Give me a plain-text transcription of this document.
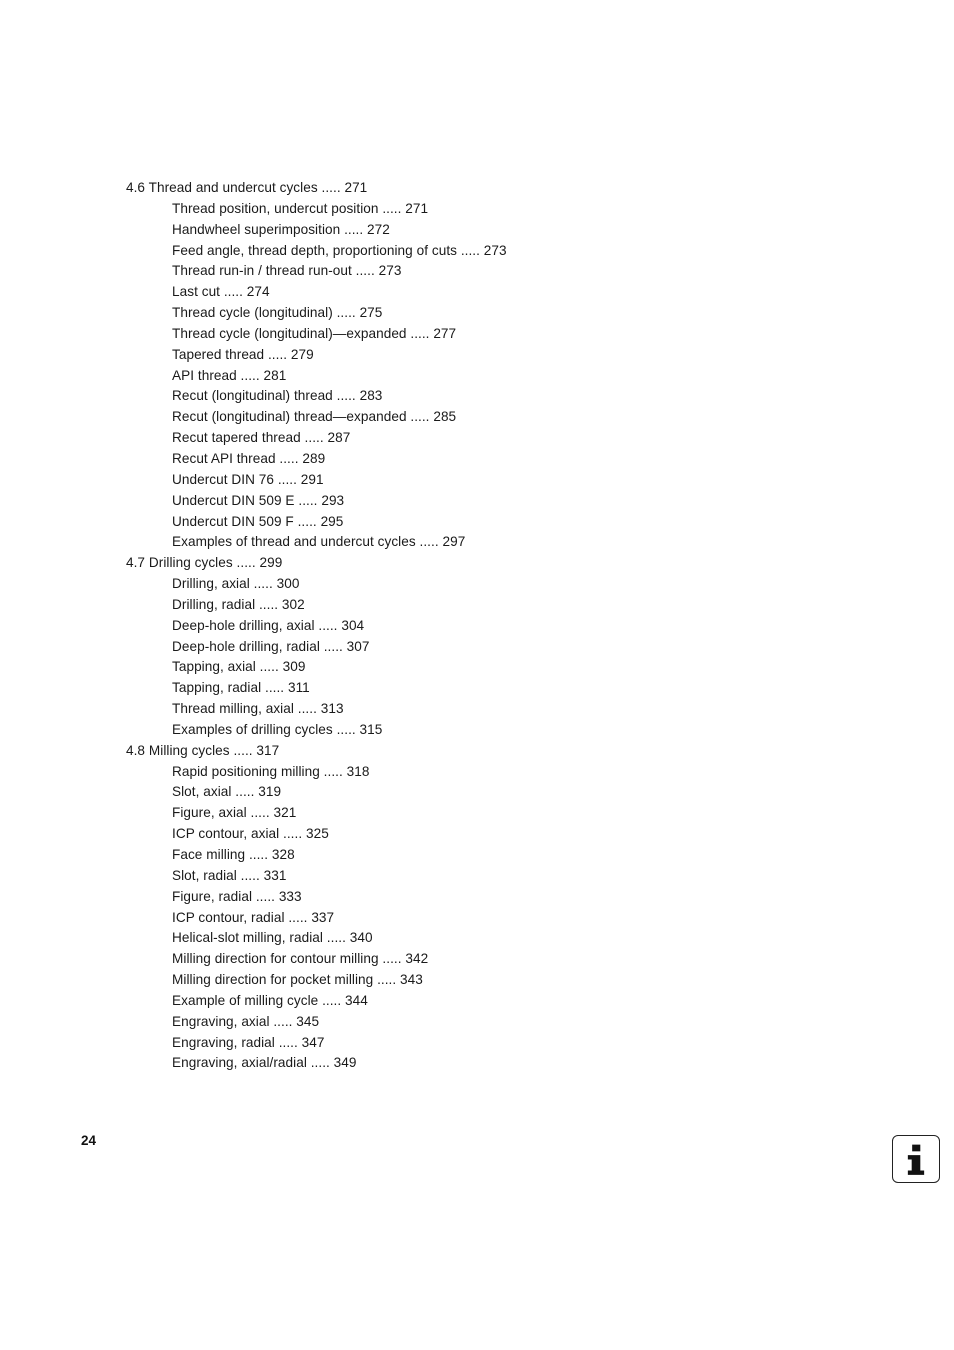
4.6 Thread and undercut cycles ..... 271
Thread position, undercut position ..... 271
Handwheel superimposition ..... 272
Feed angle, thread depth, proportioning of cuts ..... 273
Thread run-in / thread run-out ..... 273
Last cut ..... 274
Thread cycle (longitudinal) ..... 275
Thread cycle (longitudinal)—expanded ..... 277
Tapered thread ..... 279
API thread ..... 281
Recut (longitudinal) thread ..... 283
Recut (longitudinal) thread—expanded ..... 285
Recut tapered thread ..... 287
Recut API thread ..... 289
Undercut DIN 76 ..... 291
Undercut DIN 509 E ..... 293
Undercut DIN 509 F ..... 295
Examples of thread and undercut cycles ..... 297
4.7 Drilling cycles ..... 299
Drilling, axial ..... 300
Drilling, radial ..... 302
Deep-hole drilling, axial ..... 304
Deep-hole drilling, radial ..... 307
Tapping, axial ..... 309
Tapping, radial ..... 311
Thread milling, axial ..... 313
Examples of drilling cycles ..... 315
4.8 Milling cycles ..... 317
Rapid positioning milling ..... 318
Slot, axial ..... 319
Figure, axial ..... 321
ICP contour, axial ..... 325
Face milling ..... 328
Slot, radial ..... 331
Figure, radial ..... 333
ICP contour, radial ..... 337
Helical-slot milling, radial ..... 340
Milling direction for contour milling ..... 342
Milling direction for pocket milling ..... 343
Example of milling cycle ..... 344
Engraving, axial ..... 345
Engraving, radial ..... 347
Engraving, axial/radial ..... 349
24
